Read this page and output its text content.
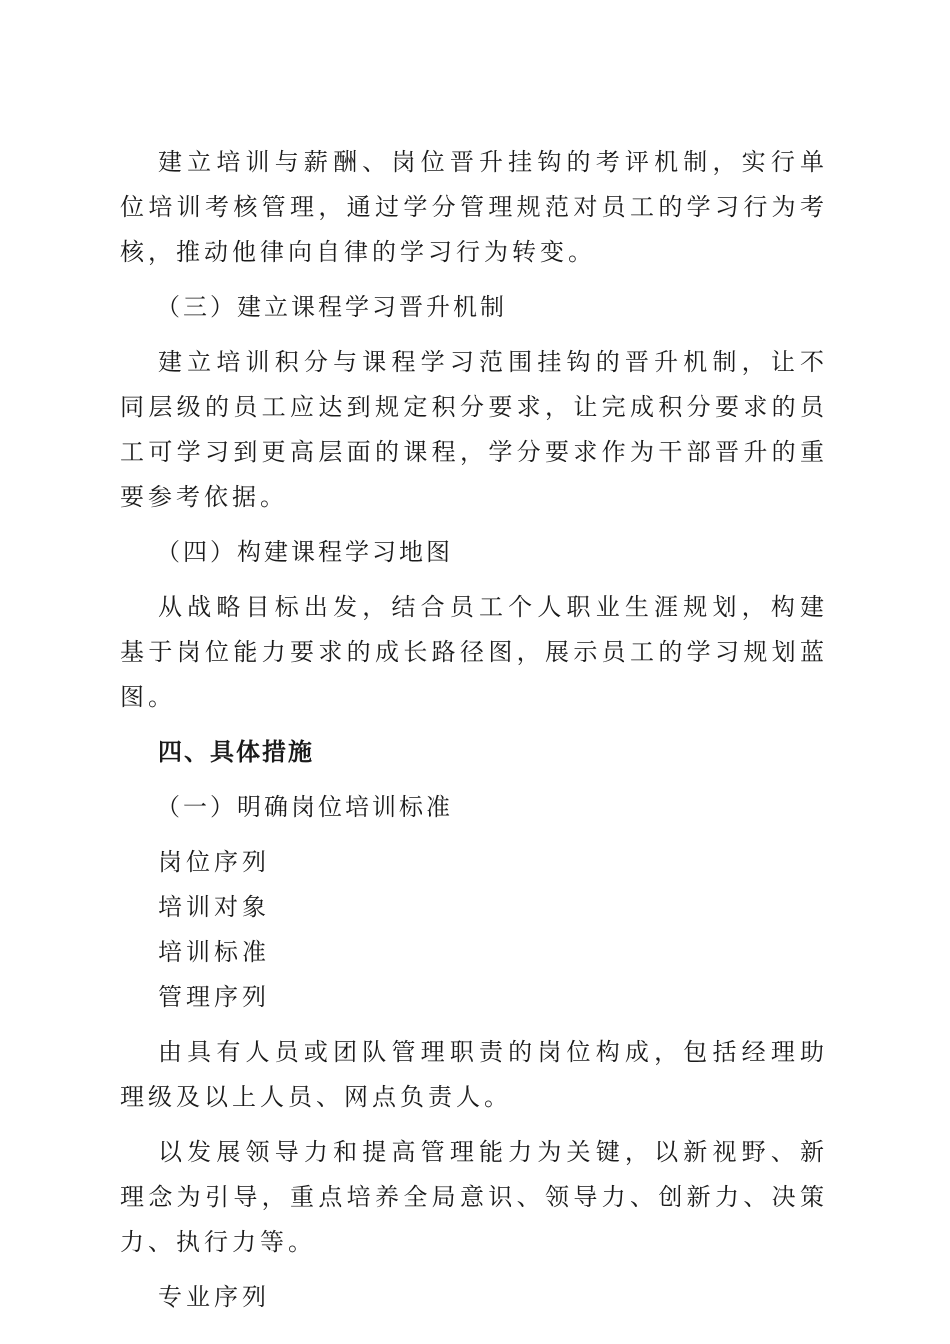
建立培训与薪酬、岗位晋升挂钩的考评机制，实行单位培训考核管理，通过学分管理规范对员工的学习行为考核，推动他律向自律的学习行为转变。

（三）建立课程学习晋升机制

建立培训积分与课程学习范围挂钩的晋升机制，让不同层级的员工应达到规定积分要求，让完成积分要求的员工可学习到更高层面的课程，学分要求作为干部晋升的重要参考依据。

（四）构建课程学习地图

从战略目标出发，结合员工个人职业生涯规划，构建基于岗位能力要求的成长路径图，展示员工的学习规划蓝图。

四、具体措施

（一）明确岗位培训标准

岗位序列

培训对象

培训标准

管理序列

由具有人员或团队管理职责的岗位构成，包括经理助理级及以上人员、网点负责人。

以发展领导力和提高管理能力为关键，以新视野、新理念为引导，重点培养全局意识、领导力、创新力、决策力、执行力等。

专业序列
